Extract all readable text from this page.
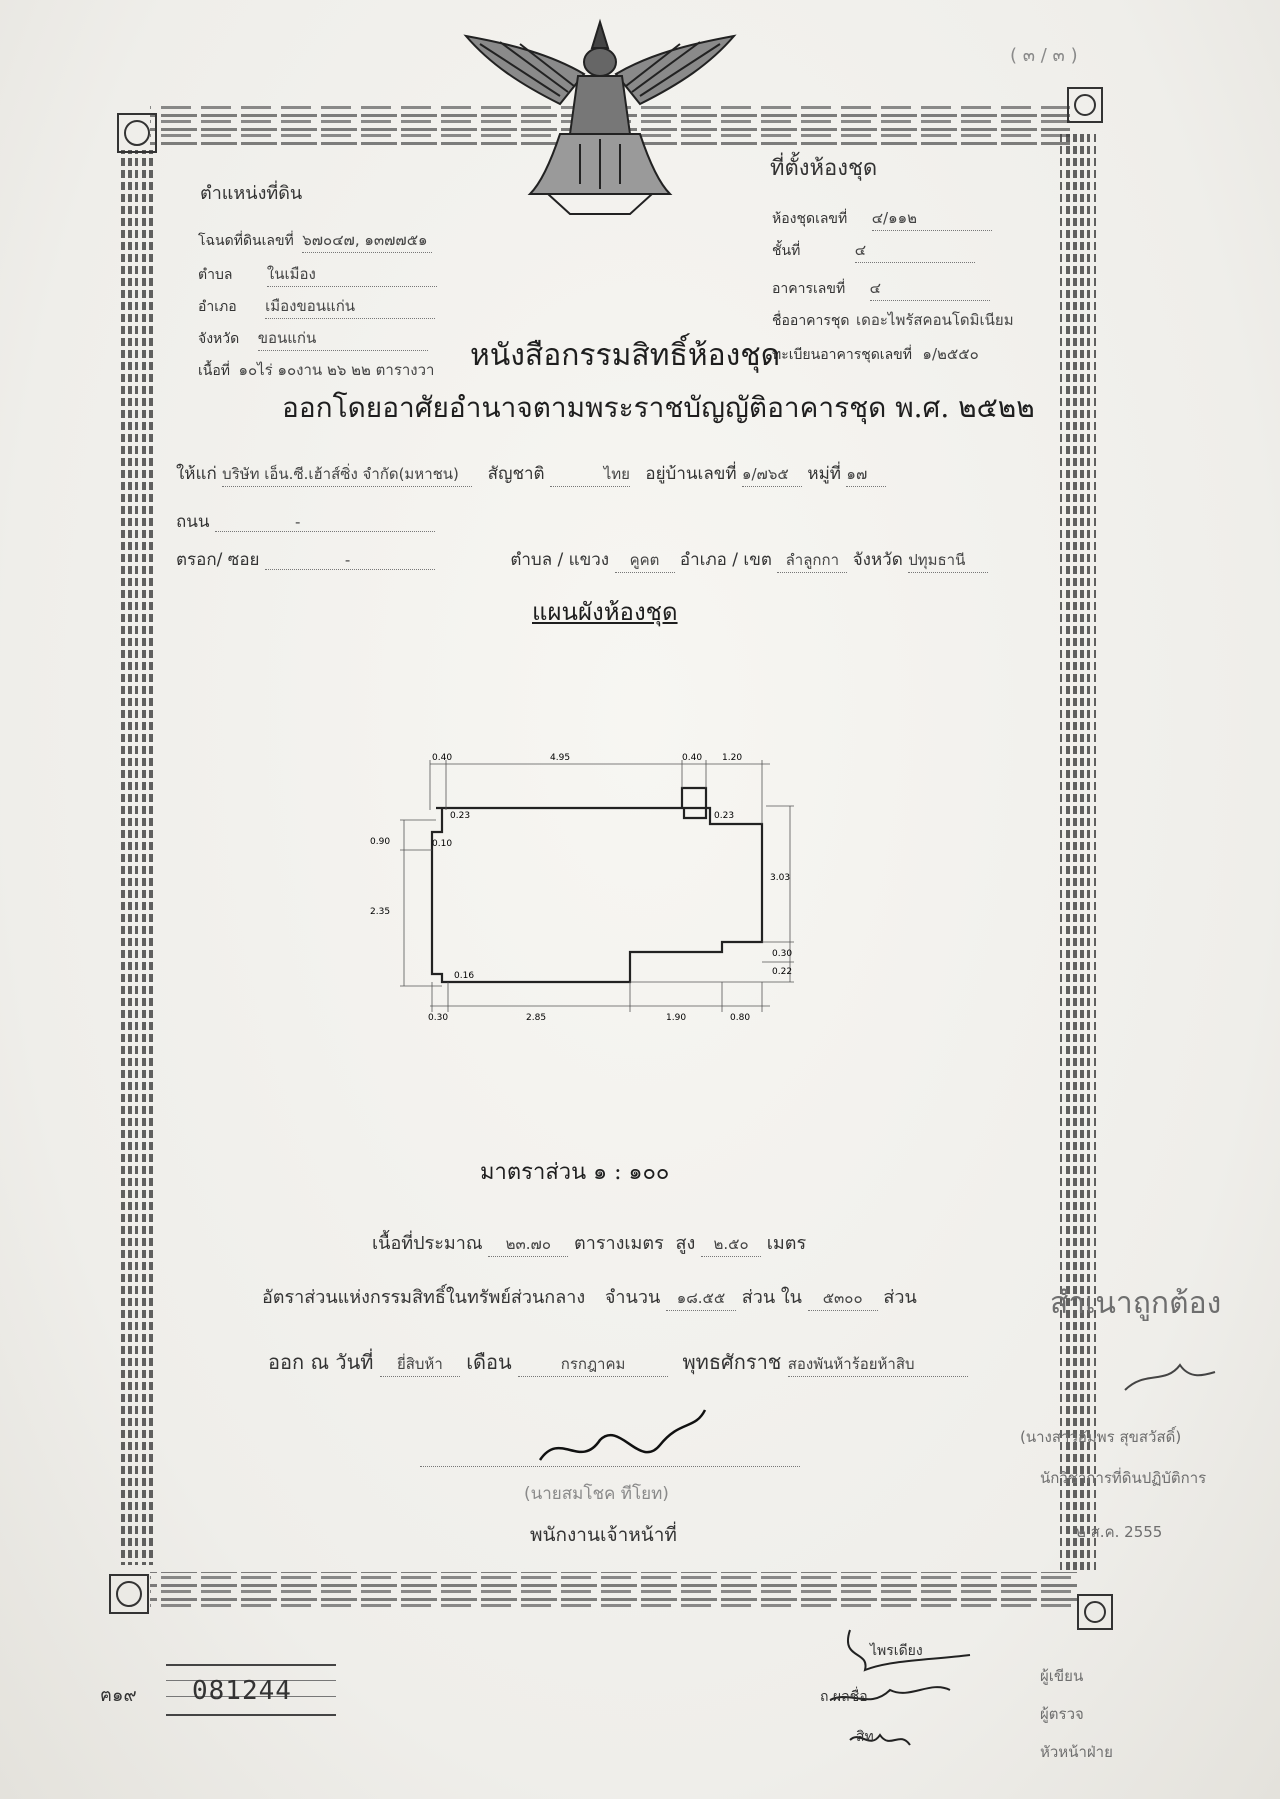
( ๓ / ๓ )
ตำแหน่งที่ดิน
โฉนดที่ดินเลขที่ ๖๗๐๔๗, ๑๓๗๗๕๑
ตำบล ในเมือง
อำเภอ เมืองขอนแก่น
จังหวัด ขอนแก่น
เนื้อที่ ๑๐ไร่ ๑๐งาน ๒๖ ๒๒ ตารางวา
ที่ตั้งห้องชุด
ห้องชุดเลขที่ ๔/๑๑๒
ชั้นที่	๔
อาคารเลขที่ ๔
ชื่ออาคารชุด เดอะไพรัสคอนโดมิเนียม
ทะเบียนอาคารชุดเลขที่ ๑/๒๕๕๐
หนังสือกรรมสิทธิ์ห้องชุด
ออกโดยอาศัยอำนาจตามพระราชบัญญัติอาคารชุด พ.ศ. ๒๕๒๒
ให้แก่ บริษัท เอ็น.ซี.เฮ้าส์ซิ่ง จำกัด(มหาชน) สัญชาติ	ไทย อยู่บ้านเลขที่ ๑/๗๖๕ หมู่ที่ ๑๗
ถนน	-
ตรอก/ ซอย	-	ตำบล / แขวง คูคต อำเภอ / เขต ลำลูกกา จังหวัด ปทุมธานี
แผนผังห้องชุด
0.40	4.95	0.40 1.20
0.23	0.23
0.10
0.16
0.90
2.35
3.03
0.30
0.22
0.30	2.85	1.90	0.80
มาตราส่วน ๑ : ๑๐๐
เนื้อที่ประมาณ ๒๓.๗๐ ตารางเมตร สูง ๒.๕๐ เมตร
อัตราส่วนแห่งกรรมสิทธิ์ในทรัพย์ส่วนกลาง จำนวน ๑๘.๕๕ ส่วน ใน ๕๓๐๐ ส่วน
ออก ณ วันที่ ยี่สิบห้า เดือน	กรกฎาคม	พุทธศักราช สองพันห้าร้อยห้าสิบ
(นายสมโชค ทีโยท)
พนักงานเจ้าหน้าที่
สำเนาถูกต้อง
(นางสาวอัมพร สุขสวัสดิ์)
นักวิชาการที่ดินปฏิบัติการ
๒ ส.ค. 2555
ฅ๑๙ 081244
ไพรเดียง
ถ.ผลชื่อ
สิท
ผู้เขียน
ผู้ตรวจ
หัวหน้าฝ่าย
